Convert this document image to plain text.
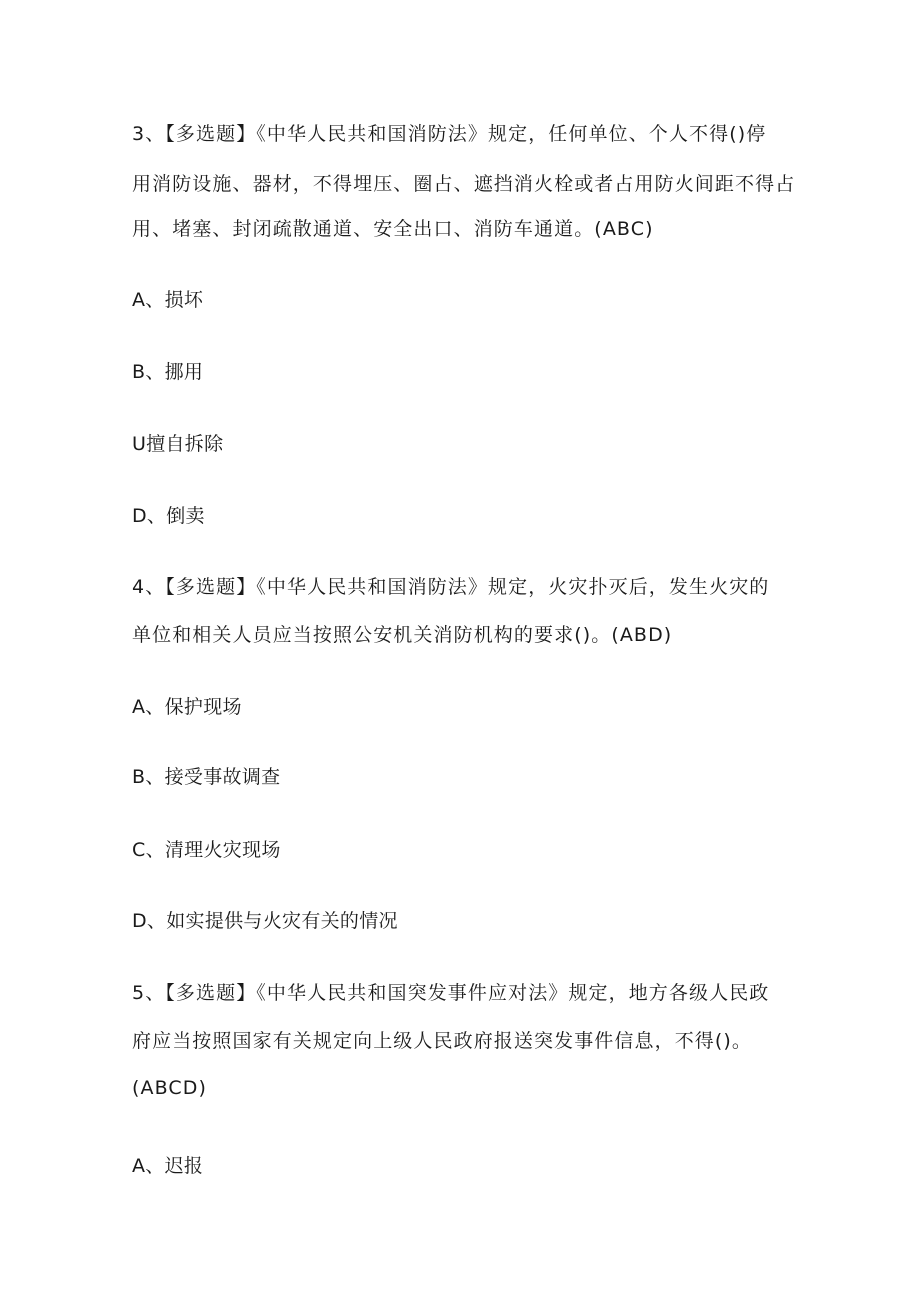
3、【多选题】《中华人民共和国消防法》规定，任何单位、个人不得()停
用消防设施、器材，不得埋压、圈占、遮挡消火栓或者占用防火间距不得占
用、堵塞、封闭疏散通道、安全出口、消防车通道。(ABC)
A、损坏
B、挪用
U擅自拆除
D、倒卖
4、【多选题】《中华人民共和国消防法》规定，火灾扑灭后，发生火灾的
单位和相关人员应当按照公安机关消防机构的要求()。(ABD)
A、保护现场
B、接受事故调查
C、清理火灾现场
D、如实提供与火灾有关的情况
5、【多选题】《中华人民共和国突发事件应对法》规定，地方各级人民政
府应当按照国家有关规定向上级人民政府报送突发事件信息，不得()。
(ABCD)
A、迟报
